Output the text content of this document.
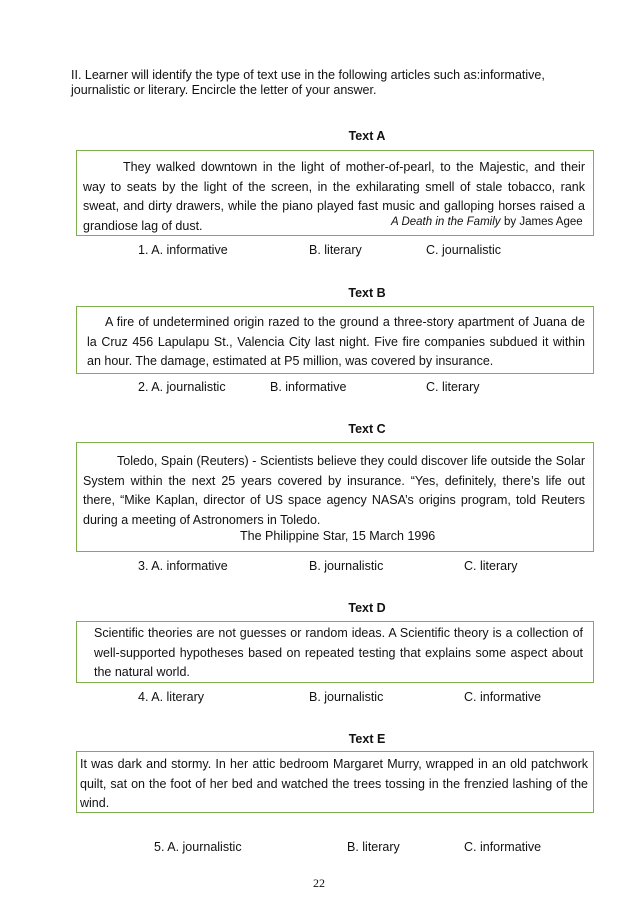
II. Learner will identify the type of text use in the following articles such as:informative, journalistic or literary. Encircle the letter of your answer.
Text A
They walked downtown in the light of mother-of-pearl, to the Majestic, and their way to seats by the light of the screen, in the exhilarating smell of stale tobacco, rank sweat, and dirty drawers, while the piano played fast music and galloping horses raised a grandiose lag of dust.	A Death in the Family by James Agee
1. A. informative	B. literary	C. journalistic
Text B
A fire of undetermined origin razed to the ground a three-story apartment of Juana de la Cruz 456 Lapulapu St., Valencia City last night. Five fire companies subdued it within an hour. The damage, estimated at P5 million, was covered by insurance.
2. A. journalistic	B. informative	C. literary
Text C
Toledo, Spain (Reuters) - Scientists believe they could discover life outside the Solar System within the next 25 years covered by insurance. “Yes, definitely, there’s life out there, “Mike Kaplan, director of US space agency NASA’s origins program, told Reuters during a meeting of Astronomers in Toledo.
The Philippine Star, 15 March 1996
3. A. informative	B. journalistic	C. literary
Text D
Scientific theories are not guesses or random ideas. A Scientific theory is a collection of well-supported hypotheses based on repeated testing that explains some aspect about the natural world.
4. A. literary	B. journalistic	C. informative
Text E
It was dark and stormy. In her attic bedroom Margaret Murry, wrapped in an old patchwork quilt, sat on the foot of her bed and watched the trees tossing in the frenzied lashing of the wind.
5. A. journalistic	B. literary	C. informative
22
